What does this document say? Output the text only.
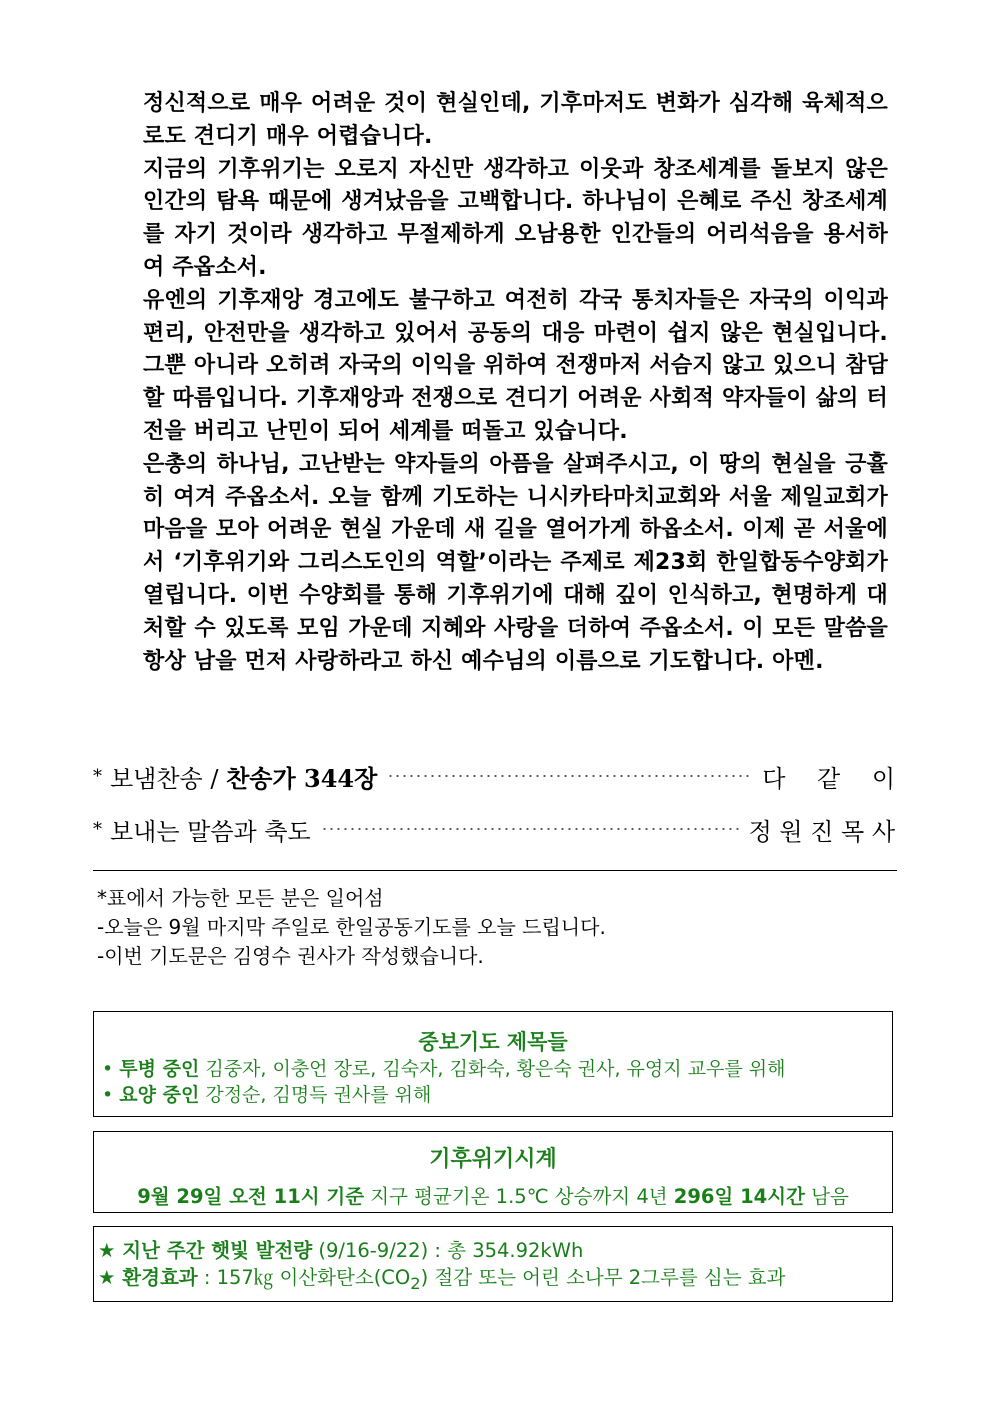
정신적으로 매우 어려운 것이 현실인데, 기후마저도 변화가 심각해 육체적으로도 견디기 매우 어렵습니다.

지금의 기후위기는 오로지 자신만 생각하고 이웃과 창조세계를 돌보지 않은 인간의 탐욕 때문에 생겨났음을 고백합니다. 하나님이 은혜로 주신 창조세계를 자기 것이라 생각하고 무절제하게 오남용한 인간들의 어리석음을 용서하여 주옵소서.

유엔의 기후재앙 경고에도 불구하고 여전히 각국 통치자들은 자국의 이익과 편리, 안전만을 생각하고 있어서 공동의 대응 마련이 쉽지 않은 현실입니다. 그뿐 아니라 오히려 자국의 이익을 위하여 전쟁마저 서슴지 않고 있으니 참담할 따름입니다. 기후재앙과 전쟁으로 견디기 어려운 사회적 약자들이 삶의 터전을 버리고 난민이 되어 세계를 떠돌고 있습니다.

은총의 하나님, 고난받는 약자들의 아픔을 살펴주시고, 이 땅의 현실을 긍휼히 여겨 주옵소서. 오늘 함께 기도하는 니시카타마치교회와 서울 제일교회가 마음을 모아 어려운 현실 가운데 새 길을 열어가게 하옵소서. 이제 곧 서울에서 ‘기후위기와 그리스도인의 역할’이라는 주제로 제23회 한일합동수양회가 열립니다. 이번 수양회를 통해 기후위기에 대해 깊이 인식하고, 현명하게 대처할 수 있도록 모임 가운데 지혜와 사랑을 더하여 주옵소서. 이 모든 말씀을 항상 남을 먼저 사랑하라고 하신 예수님의 이름으로 기도합니다. 아멘.

* 보냄찬송 / 찬송가 344장	다　 같　 이
* 보내는 말씀과 축도	정 원 진 목 사
*표에서 가능한 모든 분은 일어섬
-오늘은 9월 마지막 주일로 한일공동기도를 오늘 드립니다.
-이번 기도문은 김영수 권사가 작성했습니다.
중보기도 제목들
• 투병 중인 김중자, 이충언 장로, 김숙자, 김화숙, 황은숙 권사, 유영지 교우를 위해
• 요양 중인 강정순, 김명득 권사를 위해
기후위기시계
9월 29일 오전 11시 기준 지구 평균기온 1.5℃ 상승까지 4년 296일 14시간 남음
★ 지난 주간 햇빛 발전량 (9/16-9/22) : 총 354.92kWh
★ 환경효과 : 157㎏ 이산화탄소$(CO_2)$ 절감 또는 어린 소나무 2그루를 심는 효과
